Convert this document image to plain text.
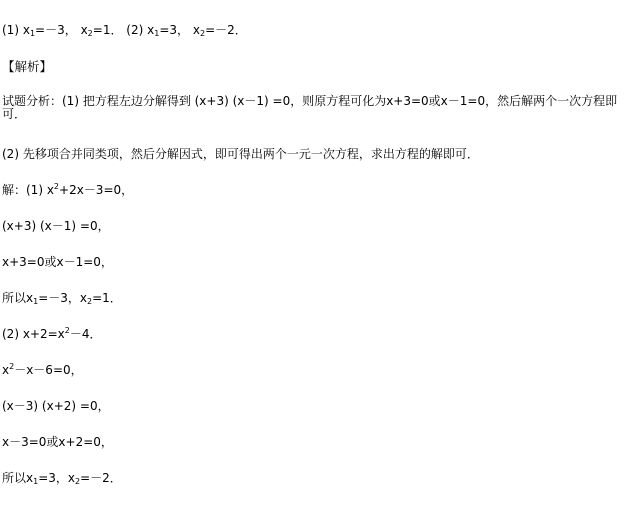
(1) $x_1=-3$， $x_2=1$． (2) $x_1=3$， $x_2=-2$．
【解析】
试题分析：(1) 把方程左边分解得到 (x+3) (x－1) =0，则原方程可化为x+3=0或x－1=0，然后解两个一次方程即可．
(2) 先移项合并同类项，然后分解因式，即可得出两个一元一次方程，求出方程的解即可．
解：(1) $x^2+2x-3=0$，
(x+3) (x－1) =0，
x+3=0或x－1=0，
所以$x_1=-3$，$x_2=1$．
(2) $x+2=x^2-4$．
$x^2-x-6=0$，
(x－3) (x+2) =0，
x－3=0或x+2=0，
所以$x_1=3$，$x_2=-2$．
